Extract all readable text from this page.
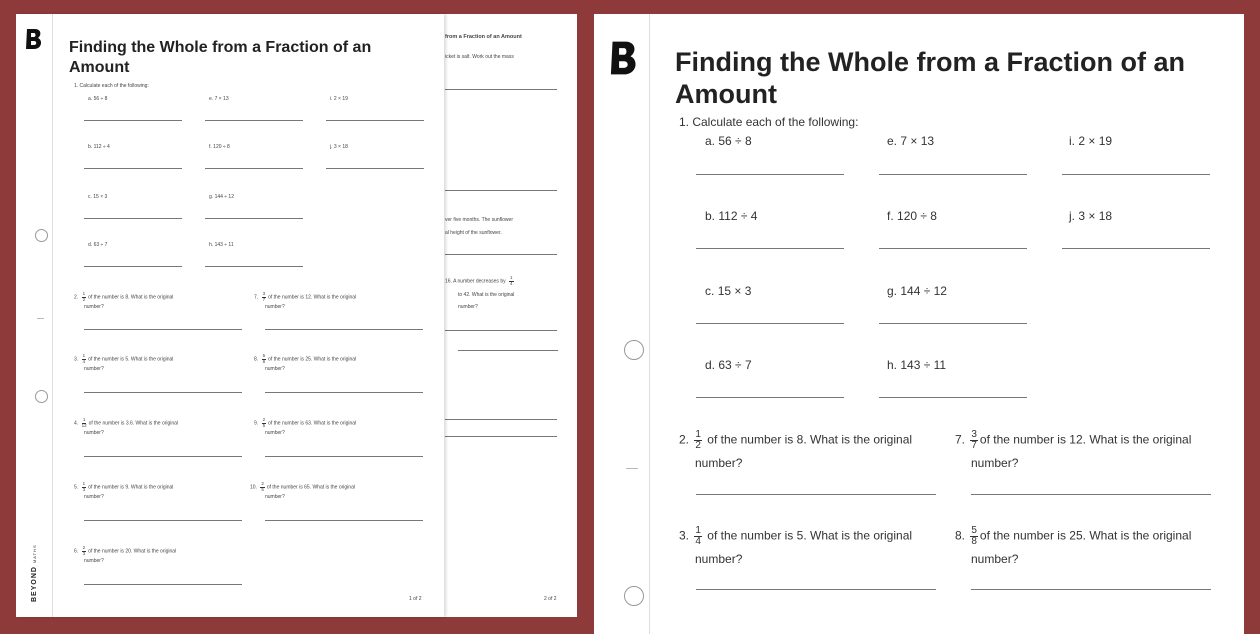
from a Fraction of an Amount
icket is salt. Work out the mass
ver five months. The sunflower
al height of the sunflower.
16. A number decreases by $\frac{1}{4}$
to 42. What is the original
number?
2 of 2
Finding the Whole from a Fraction of an
Amount
1. Calculate each of the following:
a. 56 ÷ 8	e. 7 × 13	i. 2 × 19
b. 112 ÷ 4	f. 120 ÷ 8	j. 3 × 18
c. 15 × 3	g. 144 ÷ 12
d. 63 ÷ 7	h. 143 ÷ 11
2. $\frac{1}{2}$ of the number is 8. What is the original
number?
7. $\frac{3}{7}$ of the number is 12. What is the original
number?
3. $\frac{1}{4}$ of the number is 5. What is the original
number?
8. $\frac{5}{8}$ of the number is 25. What is the original
number?
4. $\frac{1}{12}$ of the number is 3.6. What is the original
number?
9. $\frac{2}{5}$ of the number is 63. What is the original
number?
5. $\frac{1}{3}$ of the number is 9. What is the original
number?
10. $\frac{2}{5}$ of the number is 65. What is the original
number?
6. $\frac{2}{3}$ of the number is 20. What is the original
number?
1 of 2
BEYOND MATHS
Finding the Whole from a Fraction of an
Amount
1. Calculate each of the following:
a. 56 ÷ 8	e. 7 × 13	i. 2 × 19
b. 112 ÷ 4	f. 120 ÷ 8	j. 3 × 18
c. 15 × 3	g. 144 ÷ 12
d. 63 ÷ 7	h. 143 ÷ 11
2. $\frac{1}{2}$ of the number is 8. What is the original
number?
7. $\frac{3}{7}$ of the number is 12. What is the original
number?
3. $\frac{1}{4}$ of the number is 5. What is the original
number?
8. $\frac{5}{8}$ of the number is 25. What is the original
number?
